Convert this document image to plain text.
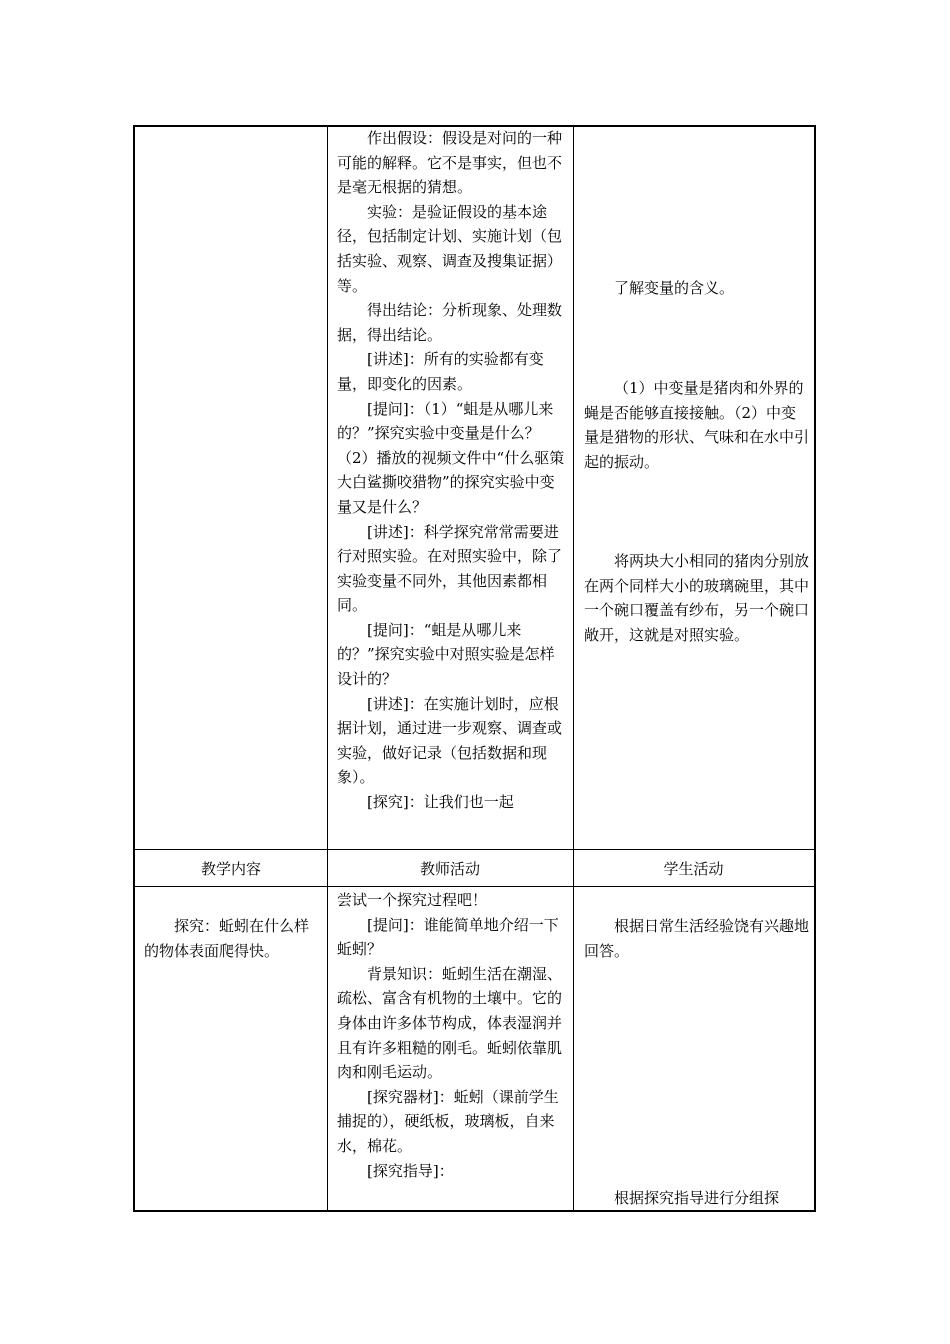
作出假设：假设是对问的一种可能的解释。它不是事实，但也不是毫无根据的猜想。

实验：是验证假设的基本途径，包括制定计划、实施计划（包括实验、观察、调查及搜集证据）等。

得出结论：分析现象、处理数据，得出结论。

[讲述]：所有的实验都有变量，即变化的因素。

[提问]：（1）“蛆是从哪儿来的？”探究实验中变量是什么？（2）播放的视频文件中“什么驱策大白鲨撕咬猎物”的探究实验中变量又是什么？

[讲述]：科学探究常常需要进行对照实验。在对照实验中，除了实验变量不同外，其他因素都相同。

[提问]：“蛆是从哪儿来的？”探究实验中对照实验是怎样设计的？

[讲述]：在实施计划时，应根据计划，通过进一步观察、调查或实验，做好记录（包括数据和现象）。

[探究]：让我们也一起

了解变量的含义。

（1）中变量是猪肉和外界的蝇是否能够直接接触。（2）中变量是猎物的形状、气味和在水中引起的振动。

将两块大小相同的猪肉分别放在两个同样大小的玻璃碗里，其中一个碗口覆盖有纱布，另一个碗口敞开，这就是对照实验。

教学内容	教师活动	学生活动

探究：蚯蚓在什么样的物体表面爬得快。

尝试一个探究过程吧！

[提问]：谁能简单地介绍一下蚯蚓？

背景知识：蚯蚓生活在潮湿、疏松、富含有机物的土壤中。它的身体由许多体节构成，体表湿润并且有许多粗糙的刚毛。蚯蚓依靠肌肉和刚毛运动。

[探究器材]：蚯蚓（课前学生捕捉的），硬纸板，玻璃板，自来水，棉花。

[探究指导]：

根据日常生活经验饶有兴趣地回答。

根据探究指导进行分组探
